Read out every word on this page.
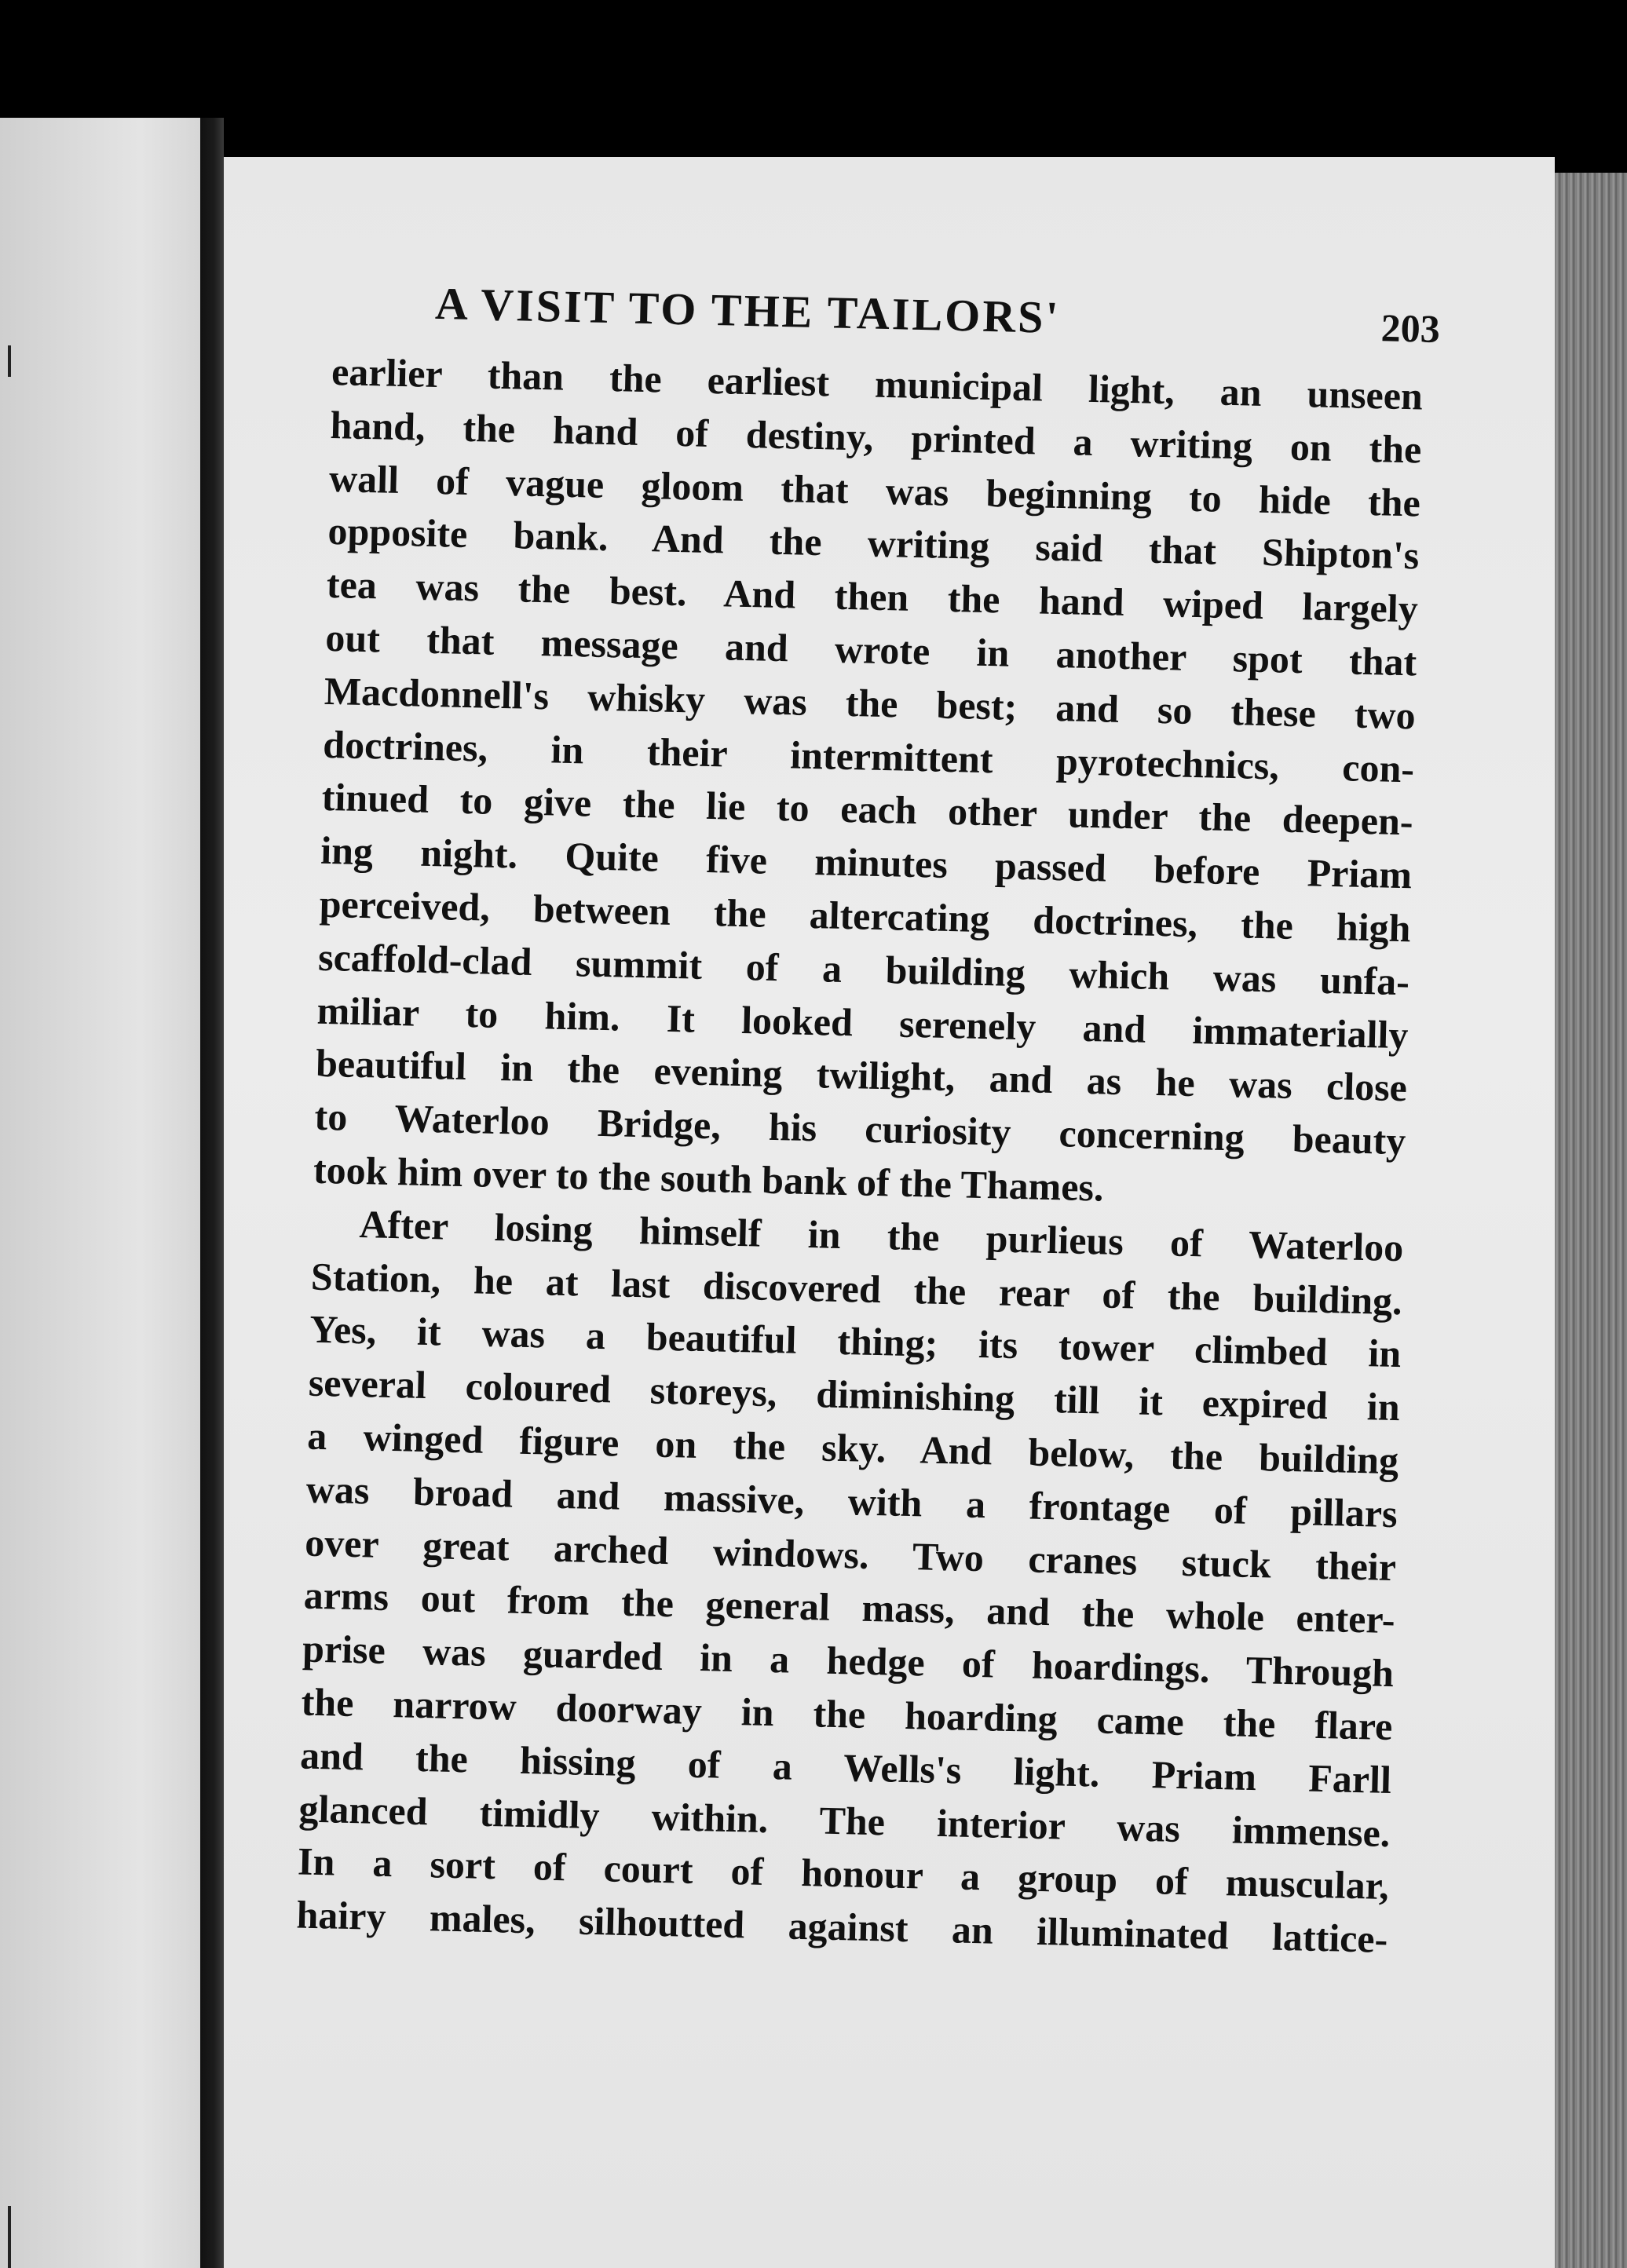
A VISIT TO THE TAILORS'	203
earlier than the earliest municipal light, an unseen
hand, the hand of destiny, printed a writing on the
wall of vague gloom that was beginning to hide the
opposite bank. And the writing said that Shipton's
tea was the best. And then the hand wiped largely
out that message and wrote in another spot that
Macdonnell's whisky was the best; and so these two
doctrines, in their intermittent pyrotechnics, con-
tinued to give the lie to each other under the deepen-
ing night. Quite five minutes passed before Priam
perceived, between the altercating doctrines, the high
scaffold-clad summit of a building which was unfa-
miliar to him. It looked serenely and immaterially
beautiful in the evening twilight, and as he was close
to Waterloo Bridge, his curiosity concerning beauty
took him over to the south bank of the Thames.
After losing himself in the purlieus of Waterloo
Station, he at last discovered the rear of the building.
Yes, it was a beautiful thing; its tower climbed in
several coloured storeys, diminishing till it expired in
a winged figure on the sky. And below, the building
was broad and massive, with a frontage of pillars
over great arched windows. Two cranes stuck their
arms out from the general mass, and the whole enter-
prise was guarded in a hedge of hoardings. Through
the narrow doorway in the hoarding came the flare
and the hissing of a Wells's light. Priam Farll
glanced timidly within. The interior was immense.
In a sort of court of honour a group of muscular,
hairy males, silhoutted against an illuminated lattice-
